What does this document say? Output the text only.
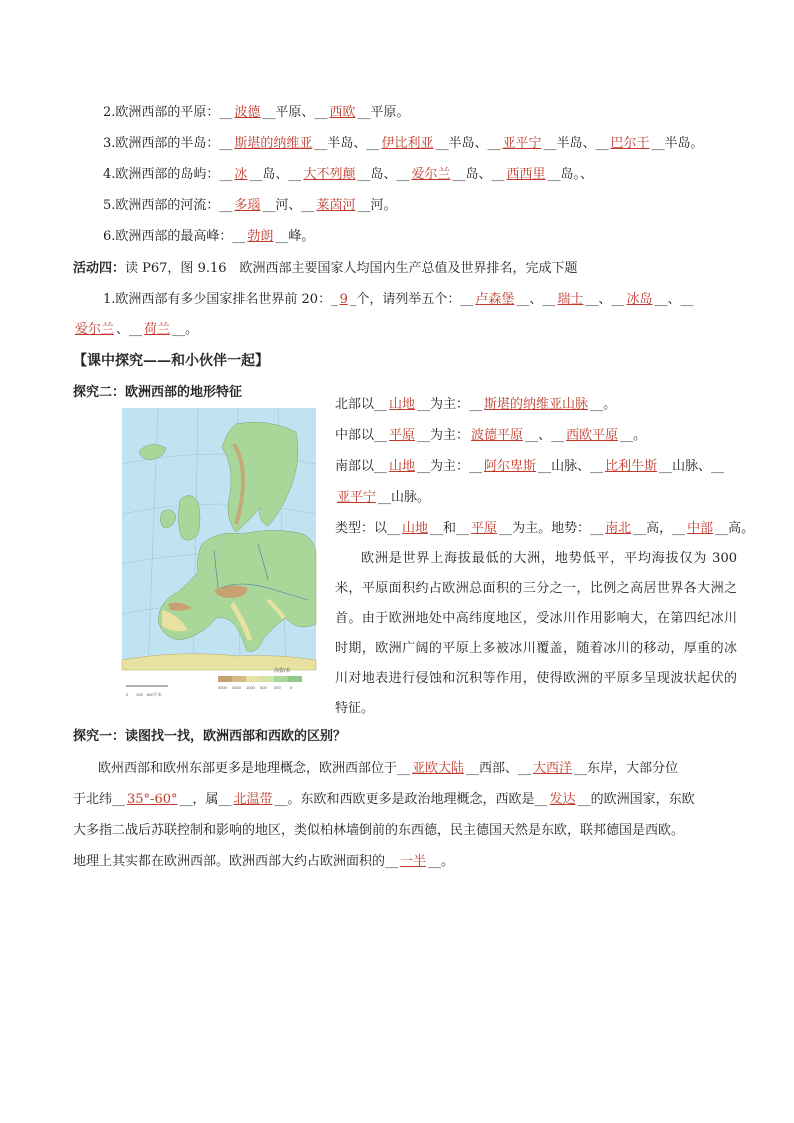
2.欧洲西部的平原：__ 波德 __平原、__ 西欧 __平原。
3.欧洲西部的半岛：__ 斯堪的纳维亚 __半岛、__ 伊比利亚 __半岛、__ 亚平宁 __半岛、__ 巴尔干 __半岛。
4.欧洲西部的岛屿：__ 冰 __岛、__ 大不列颠 __岛、__ 爱尔兰 __岛、__ 西西里 __岛。、
5.欧洲西部的河流：__ 多瑙 __河、__ 莱茵河 __河。
6.欧洲西部的最高峰：__ 勃朗 __峰。
活动四：读 P67，图 9.16　欧洲西部主要国家人均国内生产总值及世界排名，完成下题
1.欧洲西部有多少国家排名世界前 20：_ 9 _个，请列举五个：__ 卢森堡 __、__ 瑞士 __、__ 冰岛 __、__
爱尔兰 、__ 荷兰 __。
【课中探究——和小伙伴一起】
探究二：欧洲西部的地形特征
海拔/米
3000 2000 1000 500 200 0
0　　300　600千米
北部以__ 山地 __为主：__ 斯堪的纳维亚山脉 __。
中部以__ 平原 __为主： 波德平原 __、__ 西欧平原 __。
南部以__ 山地 __为主：__ 阿尔卑斯 __山脉、__ 比利牛斯 __山脉、__
亚平宁 __山脉。
类型：以__ 山地 __和__ 平原 __为主。地势：__ 南北 __高，__ 中部 __高。
欧洲是世界上海拔最低的大洲，地势低平，平均海拔仅为 300 米，平原面积约占欧洲总面积的三分之一，比例之高居世界各大洲之首。由于欧洲地处中高纬度地区，受冰川作用影响大，在第四纪冰川时期，欧洲广阔的平原上多被冰川覆盖，随着冰川的移动，厚重的冰川对地表进行侵蚀和沉积等作用，使得欧洲的平原多呈现波状起伏的特征。
探究一：读图找一找，欧洲西部和西欧的区别？
欧州西部和欧州东部更多是地理概念，欧洲西部位于__ 亚欧大陆 __西部、__ 大西洋 __东岸，大部分位
于北纬__ 35°-60° __，属__ 北温带 __。东欧和西欧更多是政治地理概念，西欧是__ 发达 __的欧洲国家，东欧
大多指二战后苏联控制和影响的地区，类似柏林墙倒前的东西德，民主德国天然是东欧，联邦德国是西欧。
地理上其实都在欧洲西部。欧洲西部大约占欧洲面积的__ 一半 __。
